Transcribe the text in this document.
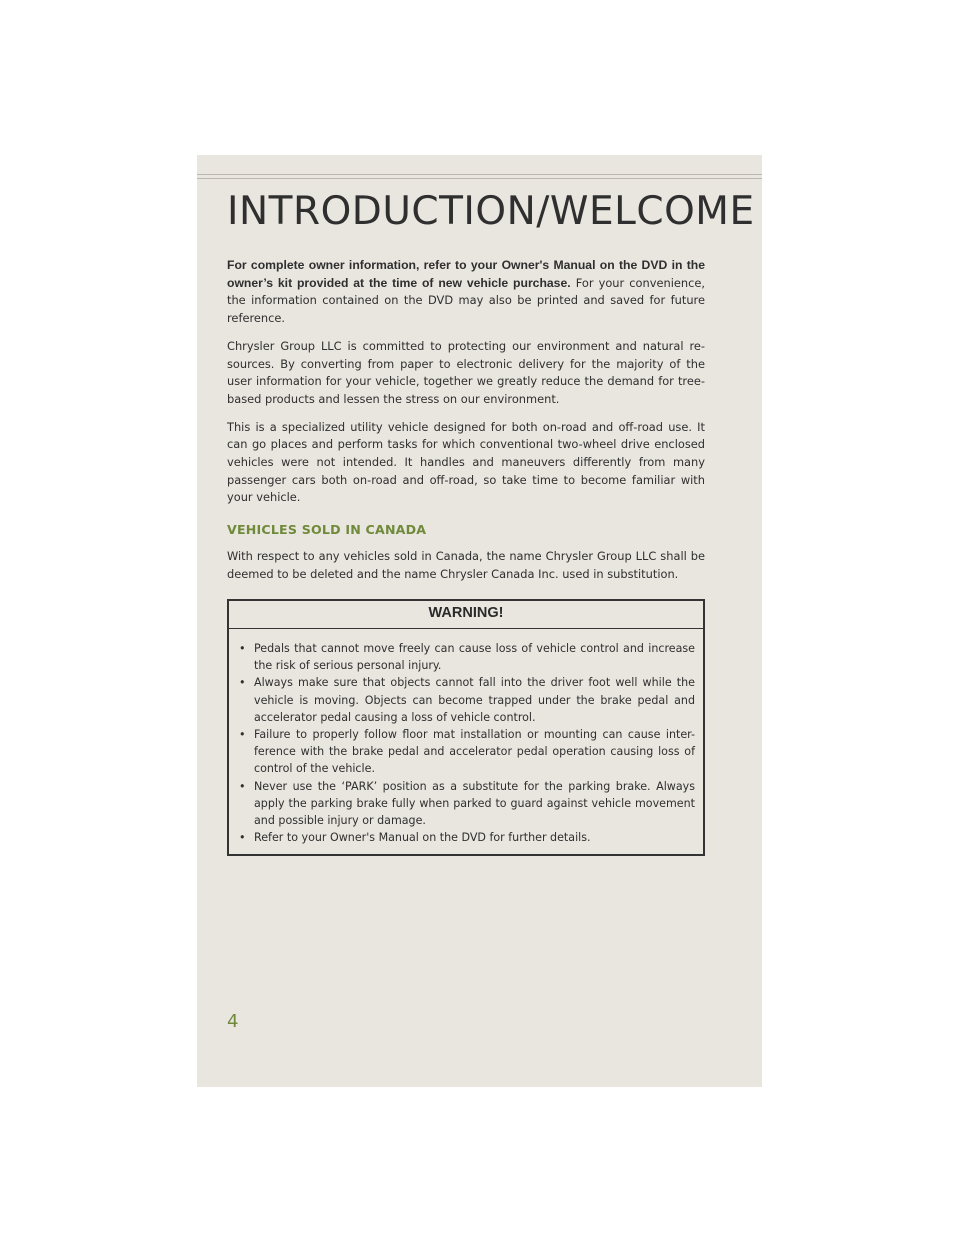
INTRODUCTION/WELCOME

For complete owner information, refer to your Owner's Manual on the DVD in the owner’s kit provided at the time of new vehicle purchase. For your convenience, the information contained on the DVD may also be printed and saved for future reference.

Chrysler Group LLC is committed to protecting our environment and natural re- sources. By converting from paper to electronic delivery for the majority of the user information for your vehicle, together we greatly reduce the demand for tree-based products and lessen the stress on our environment.

This is a specialized utility vehicle designed for both on-road and off-road use. It can go places and perform tasks for which conventional two-wheel drive enclosed vehicles were not intended. It handles and maneuvers differently from many passenger cars both on-road and off-road, so take time to become familiar with your vehicle.

VEHICLES SOLD IN CANADA

With respect to any vehicles sold in Canada, the name Chrysler Group LLC shall be deemed to be deleted and the name Chrysler Canada Inc. used in substitution.

WARNING!
• Pedals that cannot move freely can cause loss of vehicle control and increase the risk of serious personal injury.
• Always make sure that objects cannot fall into the driver foot well while the vehicle is moving. Objects can become trapped under the brake pedal and accelerator pedal causing a loss of vehicle control.
• Failure to properly follow floor mat installation or mounting can cause inter- ference with the brake pedal and accelerator pedal operation causing loss of control of the vehicle.
• Never use the ‘PARK’ position as a substitute for the parking brake. Always apply the parking brake fully when parked to guard against vehicle movement and possible injury or damage.
• Refer to your Owner's Manual on the DVD for further details.
4
